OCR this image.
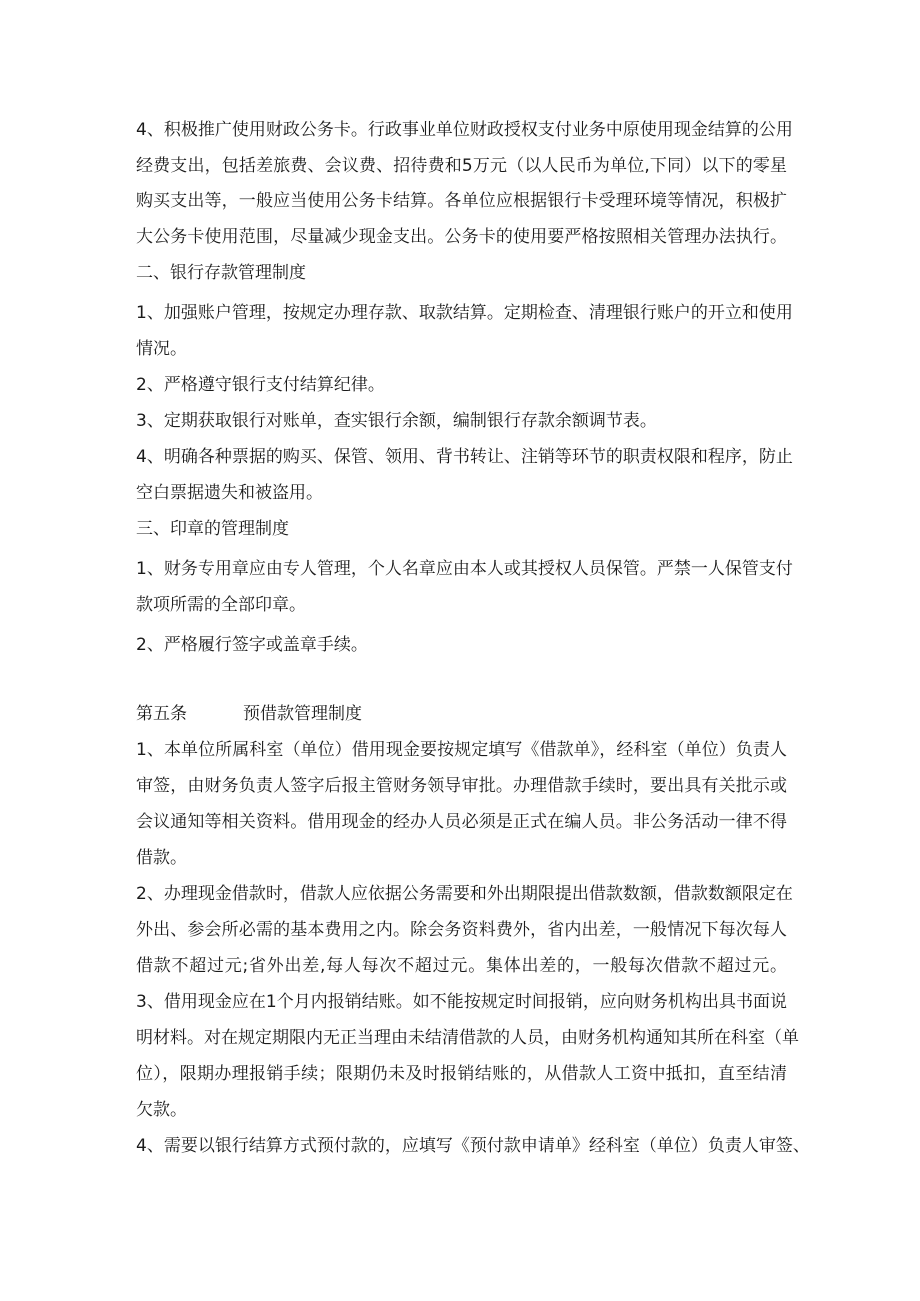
4、积极推广使用财政公务卡。行政事业单位财政授权支付业务中原使用现金结算的公用
经费支出，包括差旅费、会议费、招待费和5万元（以人民币为单位,下同）以下的零星
购买支出等，一般应当使用公务卡结算。各单位应根据银行卡受理环境等情况，积极扩
大公务卡使用范围，尽量减少现金支出。公务卡的使用要严格按照相关管理办法执行。
二、银行存款管理制度
1、加强账户管理，按规定办理存款、取款结算。定期检查、清理银行账户的开立和使用
情况。
2、严格遵守银行支付结算纪律。
3、定期获取银行对账单，查实银行余额，编制银行存款余额调节表。
4、明确各种票据的购买、保管、领用、背书转让、注销等环节的职责权限和程序，防止
空白票据遗失和被盗用。
三、印章的管理制度
1、财务专用章应由专人管理，个人名章应由本人或其授权人员保管。严禁一人保管支付
款项所需的全部印章。
2、严格履行签字或盖章手续。
第五条	预借款管理制度
1、本单位所属科室（单位）借用现金要按规定填写《借款单》，经科室（单位）负责人
审签，由财务负责人签字后报主管财务领导审批。办理借款手续时，要出具有关批示或
会议通知等相关资料。借用现金的经办人员必须是正式在编人员。非公务活动一律不得
借款。
2、办理现金借款时，借款人应依据公务需要和外出期限提出借款数额，借款数额限定在
外出、参会所必需的基本费用之内。除会务资料费外，省内出差，一般情况下每次每人
借款不超过元;省外出差,每人每次不超过元。集体出差的，一般每次借款不超过元。
3、借用现金应在1个月内报销结账。如不能按规定时间报销，应向财务机构出具书面说
明材料。对在规定期限内无正当理由未结清借款的人员，由财务机构通知其所在科室（单
位），限期办理报销手续；限期仍未及时报销结账的，从借款人工资中抵扣，直至结清
欠款。
4、需要以银行结算方式预付款的，应填写《预付款申请单》经科室（单位）负责人审签、
